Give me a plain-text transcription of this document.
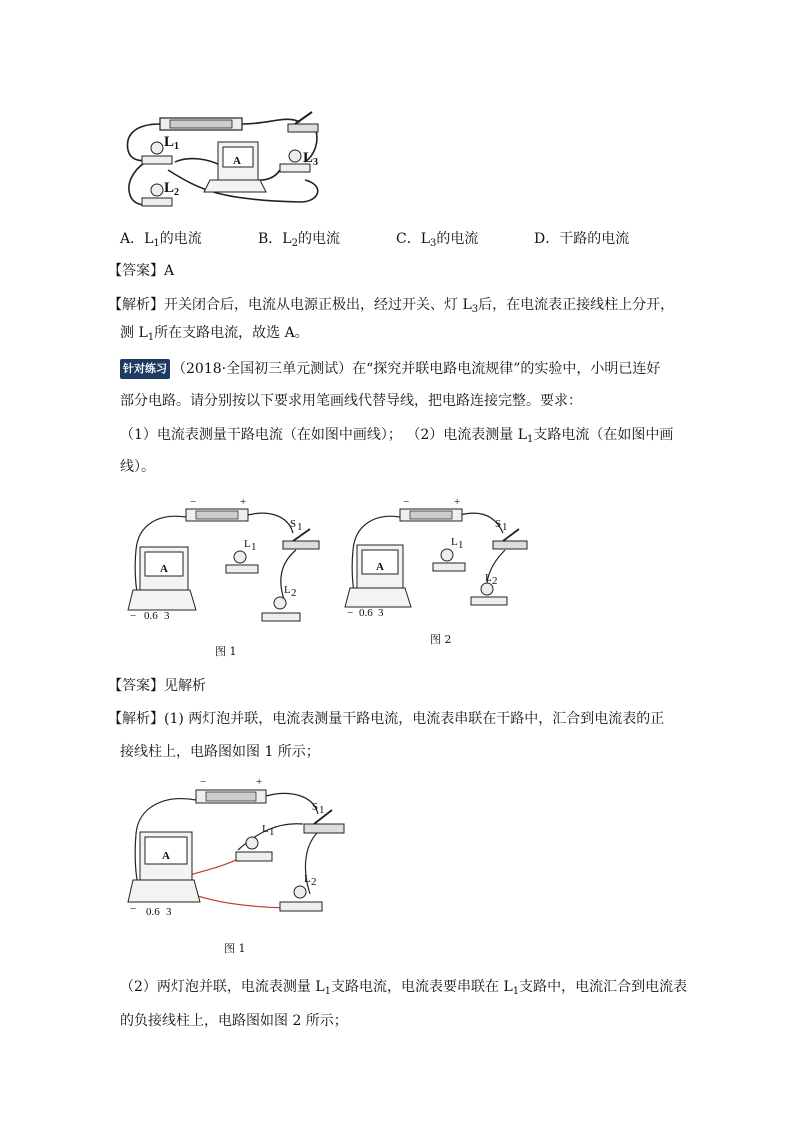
$L_1$
$L_2$
$L_3$
A
A．$L_1$的电流	B．$L_2$的电流	C．$L_3$的电流	D．干路的电流
【答案】A
【解析】开关闭合后，电流从电源正极出，经过开关、灯 $L_3$后，在电流表正接线柱上分开，
测 $L_1$所在支路电流，故选 A。
针对练习 （2018·全国初三单元测试）在“探究并联电路电流规律”的实验中，小明已连好
部分电路。请分别按以下要求用笔画线代替导线，把电路连接完整。要求：
（1）电流表测量干路电流（在如图中画线）； （2）电流表测量 $L_1$支路电流（在如图中画
线）。
−	+
S 1
L 1
L 2
A
− 0.6 3
图 1
−	+
S 1
L 1
L 2
A
− 0.6 3
图 2
【答案】见解析
【解析】(1) 两灯泡并联，电流表测量干路电流，电流表串联在干路中，汇合到电流表的正
接线柱上，电路图如图 1 所示；
−	+
S 1
L 1
L 2
A
− 0.6 3
图 1
（2）两灯泡并联，电流表测量 $L_1$支路电流，电流表要串联在 $L_1$支路中，电流汇合到电流表
的负接线柱上，电路图如图 2 所示；
